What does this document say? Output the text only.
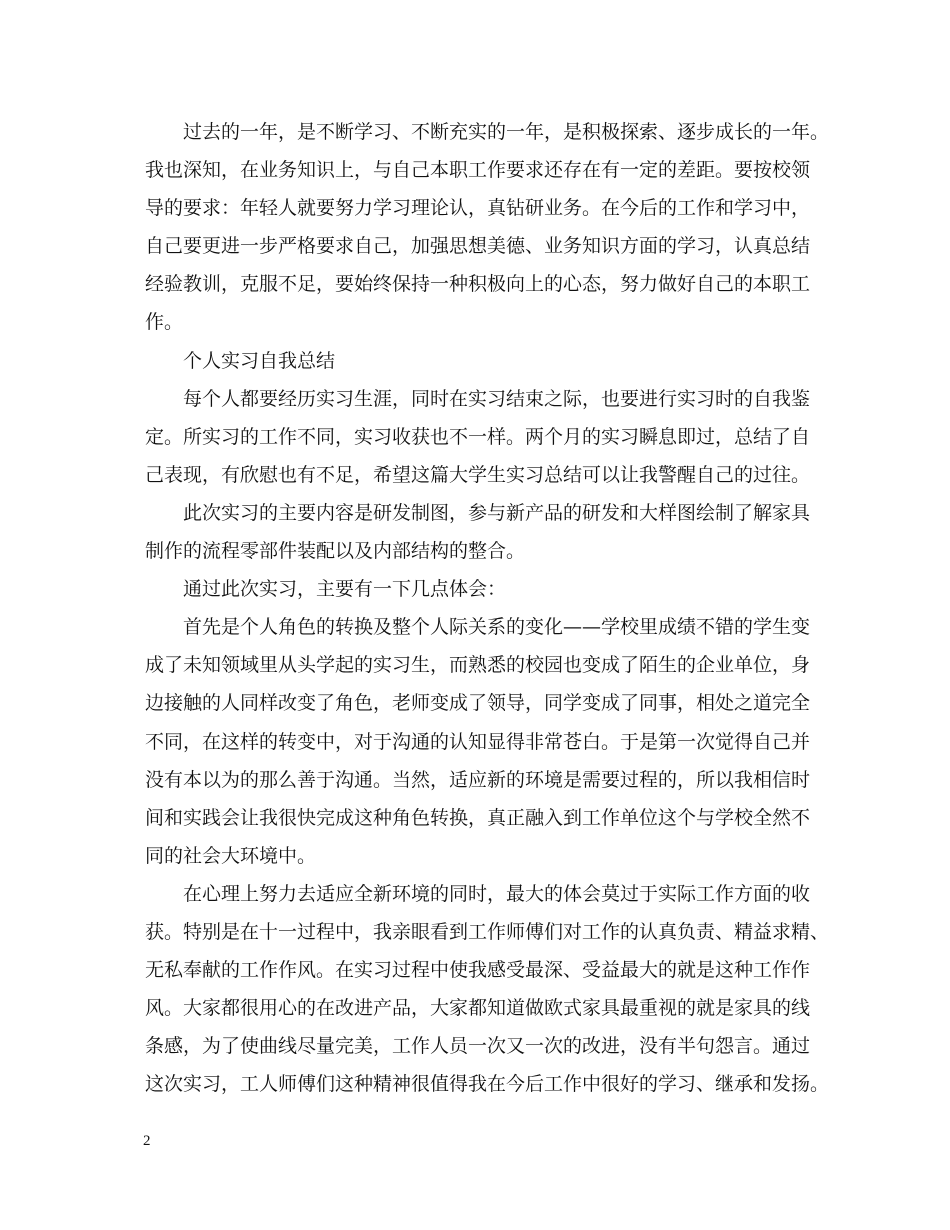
过去的一年，是不断学习、不断充实的一年，是积极探索、逐步成长的一年。
我也深知，在业务知识上，与自己本职工作要求还存在有一定的差距。要按校领
导的要求：年轻人就要努力学习理论认，真钻研业务。在今后的工作和学习中，
自己要更进一步严格要求自己，加强思想美德、业务知识方面的学习，认真总结
经验教训，克服不足，要始终保持一种积极向上的心态，努力做好自己的本职工
作。
个人实习自我总结
每个人都要经历实习生涯，同时在实习结束之际，也要进行实习时的自我鉴
定。所实习的工作不同，实习收获也不一样。两个月的实习瞬息即过，总结了自
己表现，有欣慰也有不足，希望这篇大学生实习总结可以让我警醒自己的过往。
此次实习的主要内容是研发制图，参与新产品的研发和大样图绘制了解家具
制作的流程零部件装配以及内部结构的整合。
通过此次实习，主要有一下几点体会：
首先是个人角色的转换及整个人际关系的变化——学校里成绩不错的学生变
成了未知领域里从头学起的实习生，而熟悉的校园也变成了陌生的企业单位，身
边接触的人同样改变了角色，老师变成了领导，同学变成了同事，相处之道完全
不同，在这样的转变中，对于沟通的认知显得非常苍白。于是第一次觉得自己并
没有本以为的那么善于沟通。当然，适应新的环境是需要过程的，所以我相信时
间和实践会让我很快完成这种角色转换，真正融入到工作单位这个与学校全然不
同的社会大环境中。
在心理上努力去适应全新环境的同时，最大的体会莫过于实际工作方面的收
获。特别是在十一过程中，我亲眼看到工作师傅们对工作的认真负责、精益求精、
无私奉献的工作作风。在实习过程中使我感受最深、受益最大的就是这种工作作
风。大家都很用心的在改进产品，大家都知道做欧式家具最重视的就是家具的线
条感，为了使曲线尽量完美，工作人员一次又一次的改进，没有半句怨言。通过
这次实习，工人师傅们这种精神很值得我在今后工作中很好的学习、继承和发扬。
2
